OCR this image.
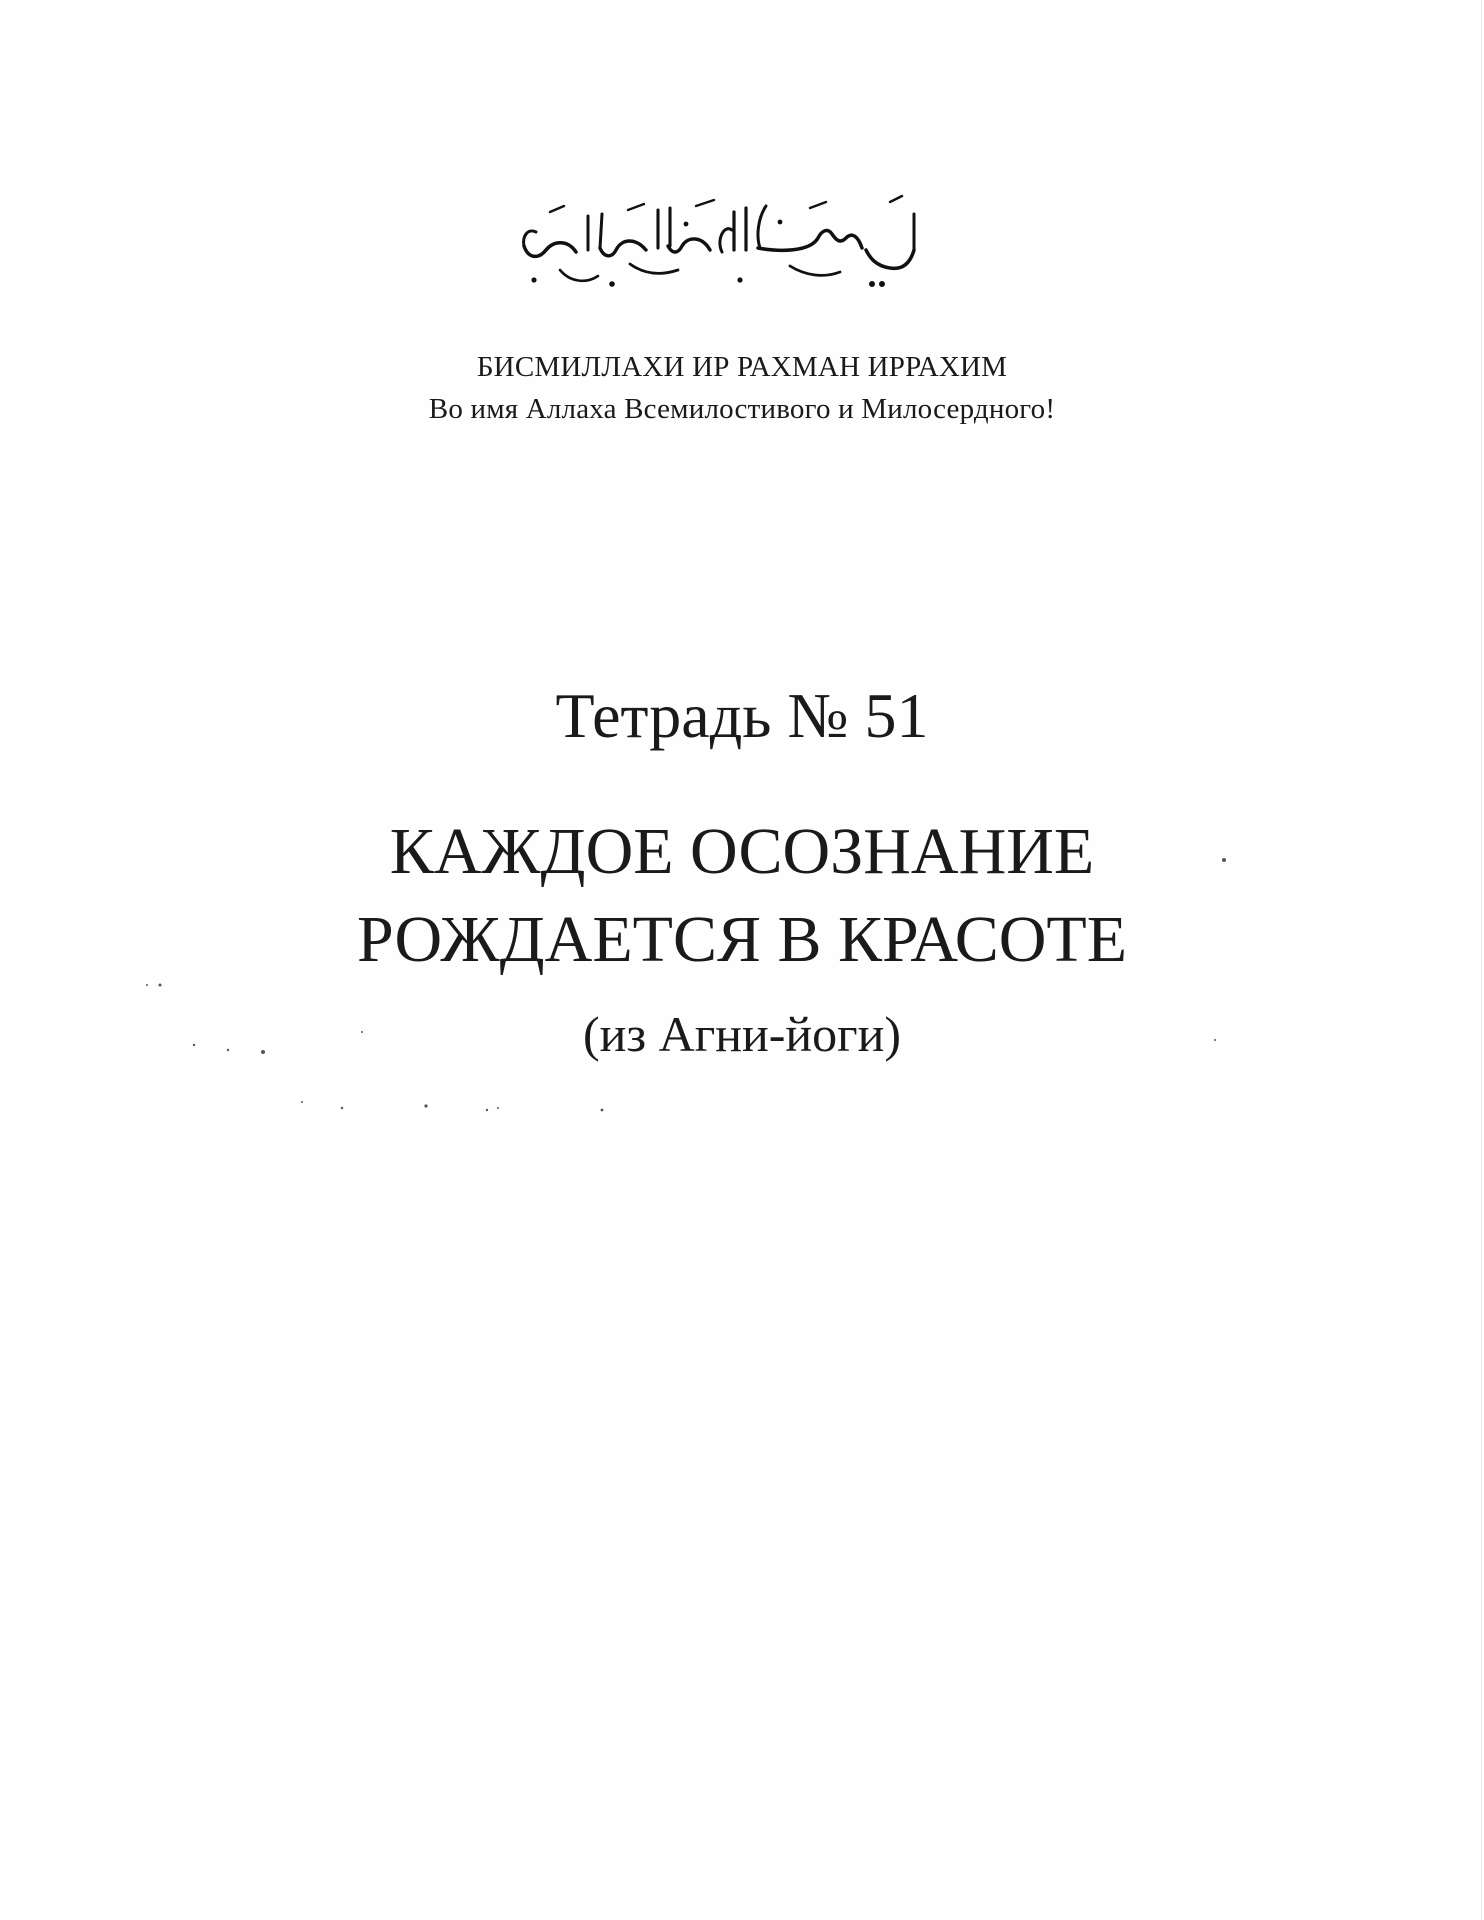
БИСМИЛЛАХИ ИР РАХМАН ИРРАХИМ
Во имя Аллаха Всемилостивого и Милосердного!
Тетрадь № 51
КАЖДОЕ ОСОЗНАНИЕ
РОЖДАЕТСЯ В КРАСОТЕ
(из Агни-йоги)
